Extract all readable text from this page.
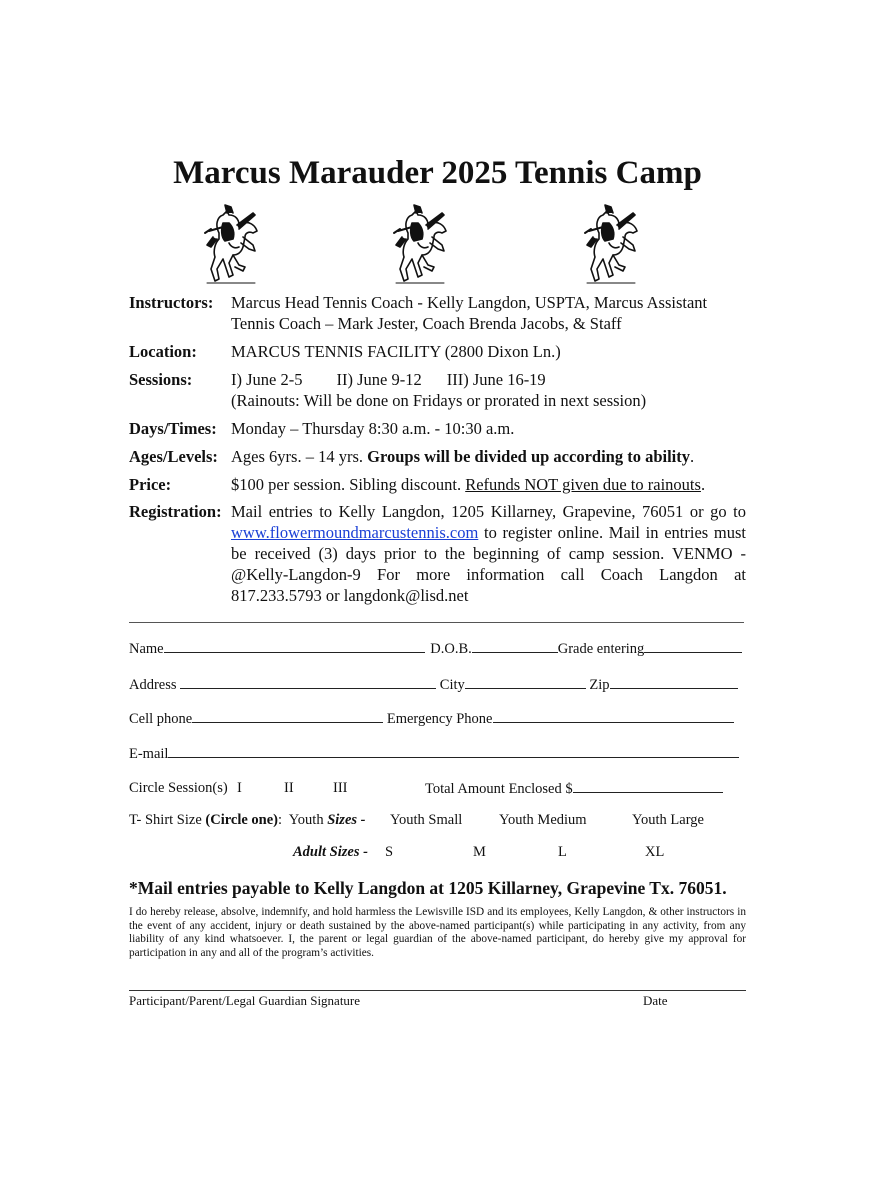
Marcus Marauder 2025 Tennis Camp
Instructors: Marcus Head Tennis Coach - Kelly Langdon, USPTA, Marcus Assistant Tennis Coach – Mark Jester, Coach Brenda Jacobs, & Staff
Location: MARCUS TENNIS FACILITY (2800 Dixon Ln.)
Sessions: I) June 2-5 II) June 9-12 III) June 16-19
(Rainouts: Will be done on Fridays or prorated in next session)
Days/Times: Monday – Thursday 8:30 a.m. - 10:30 a.m.
Ages/Levels: Ages 6yrs. – 14 yrs. Groups will be divided up according to ability.
Price:	$100 per session. Sibling discount. Refunds NOT given due to rainouts.
Registration: Mail entries to Kelly Langdon, 1205 Killarney, Grapevine, 76051 or go to www.flowermoundmarcustennis.com to register online. Mail in entries must be received (3) days prior to the beginning of camp session. VENMO - @Kelly-Langdon-9 For more information call Coach Langdon at 817.233.5793 or langdonk@lisd.net
Name	D.O.B.	Grade entering
Address	City	Zip
Cell phone	Emergency Phone
E-mail
Circle Session(s) I	II	III	Total Amount Enclosed $
T- Shirt Size (Circle one): Youth Sizes - Youth Small	Youth Medium	Youth Large
Adult Sizes - S	M	L	XL
*Mail entries payable to Kelly Langdon at 1205 Killarney, Grapevine Tx. 76051.
I do hereby release, absolve, indemnify, and hold harmless the Lewisville ISD and its employees, Kelly Langdon, & other instructors in the event of any accident, injury or death sustained by the above-named participant(s) while participating in any activity, from any liability of any kind whatsoever. I, the parent or legal guardian of the above-named participant, do hereby give my approval for participation in any and all of the program’s activities.
Participant/Parent/Legal Guardian Signature	Date
